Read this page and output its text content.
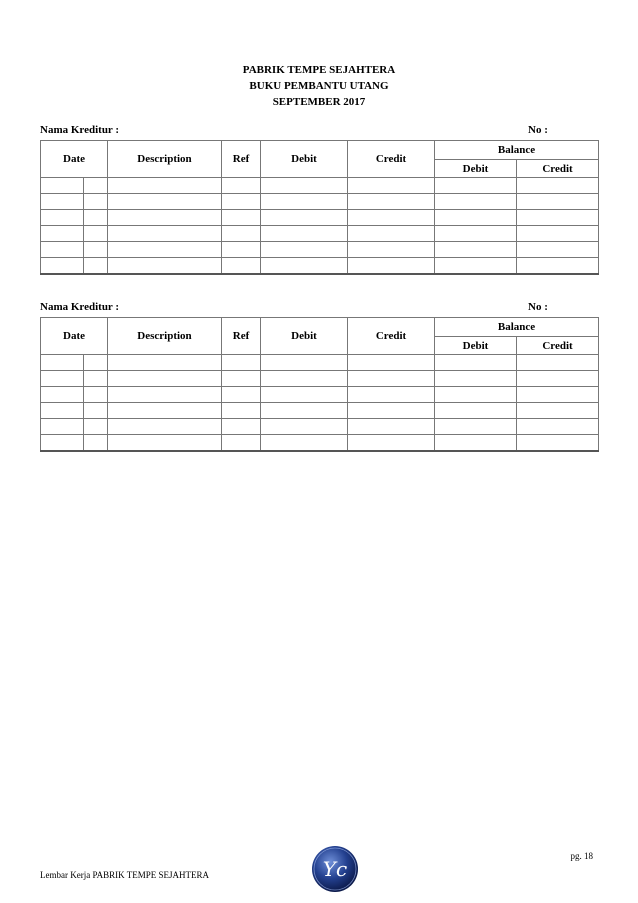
PABRIK TEMPE SEJAHTERA
BUKU PEMBANTU UTANG
SEPTEMBER 2017
Nama Kreditur :	No :
Date		Description	Ref	Debit	Credit	Balance	
						Debit	Credit

Nama Kreditur :	No :
Date		Description	Ref	Debit	Credit	Balance	
						Debit	Credit

Lembar Kerja PABRIK TEMPE SEJAHTERA	Yc
pg. 18
